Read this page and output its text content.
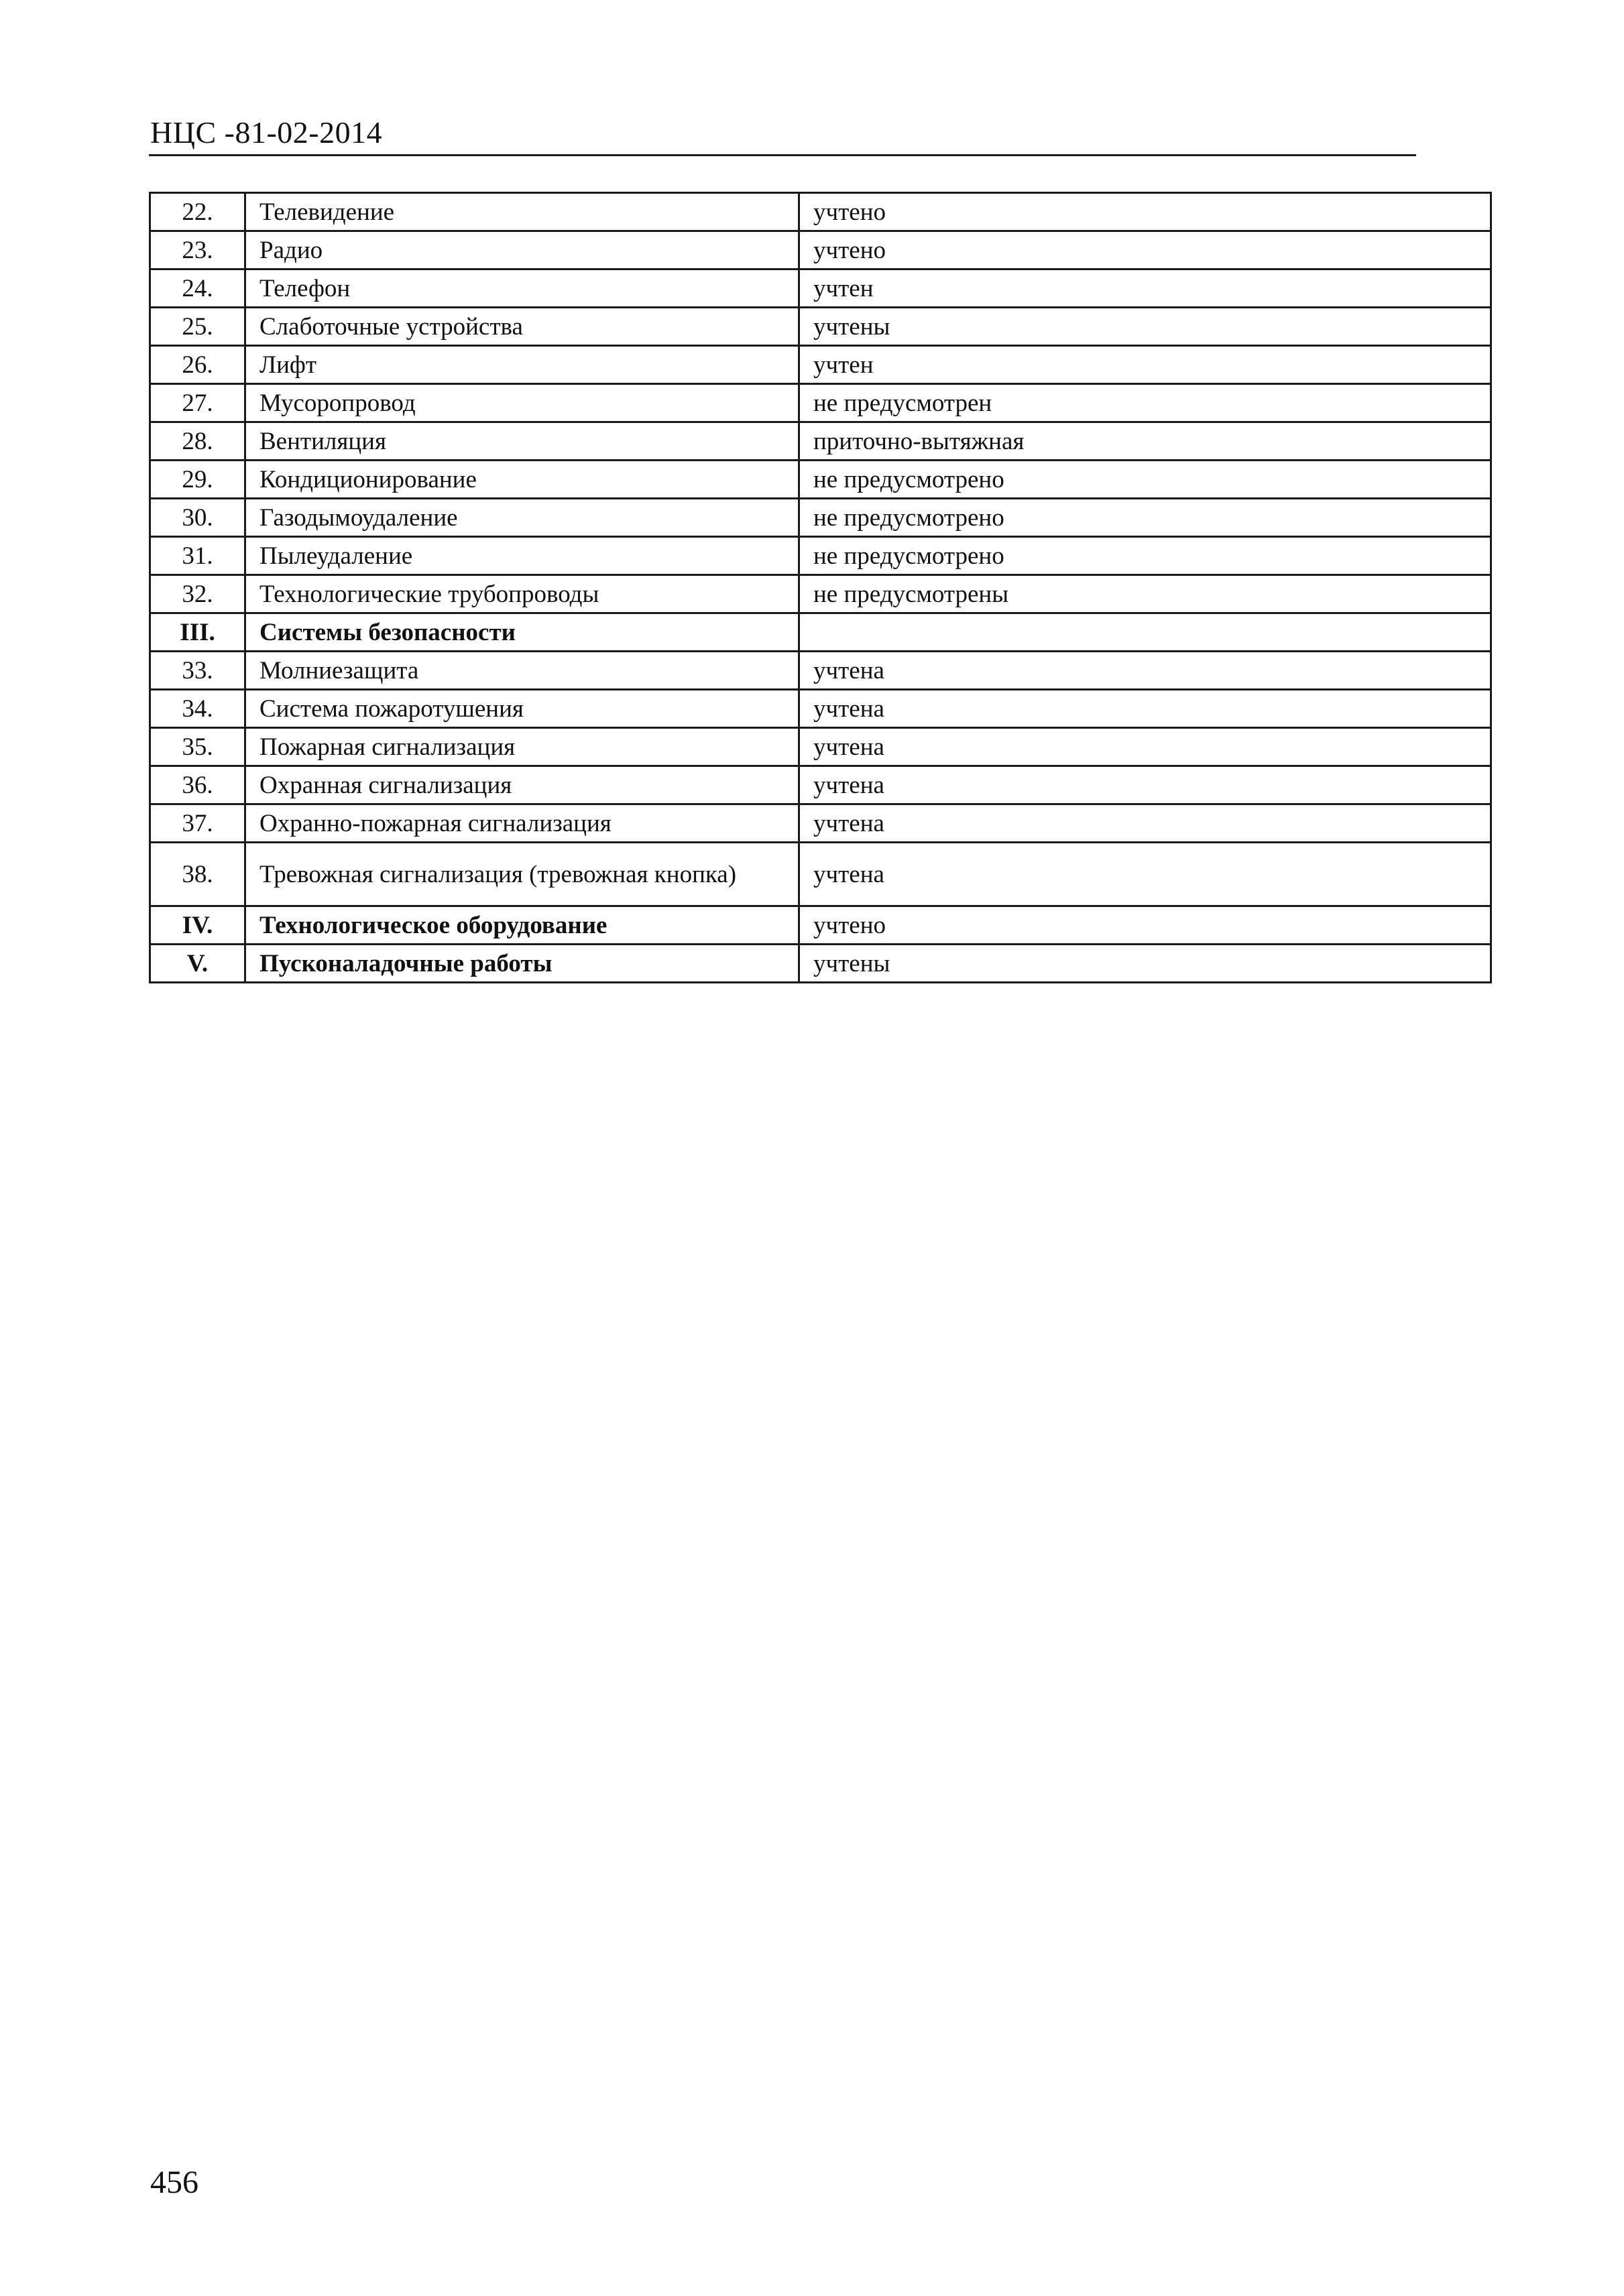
НЦС -81-02-2014
22.	Телевидение	учтено
23.	Радио	учтено
24.	Телефон	учтен
25.	Слаботочные устройства	учтены
26.	Лифт	учтен
27.	Мусоропровод	не предусмотрен
28.	Вентиляция	приточно-вытяжная
29.	Кондиционирование	не предусмотрено
30.	Газодымоудаление	не предусмотрено
31.	Пылеудаление	не предусмотрено
32.	Технологические трубопроводы	не предусмотрены
III.	Системы безопасности	
33.	Молниезащита	учтена
34.	Система пожаротушения	учтена
35.	Пожарная сигнализация	учтена
36.	Охранная сигнализация	учтена
37.	Охранно-пожарная сигнализация	учтена
38.	Тревожная сигнализация (тревожная кнопка)	учтена
IV.	Технологическое оборудование	учтено
V.	Пусконаладочные работы	учтены
456
